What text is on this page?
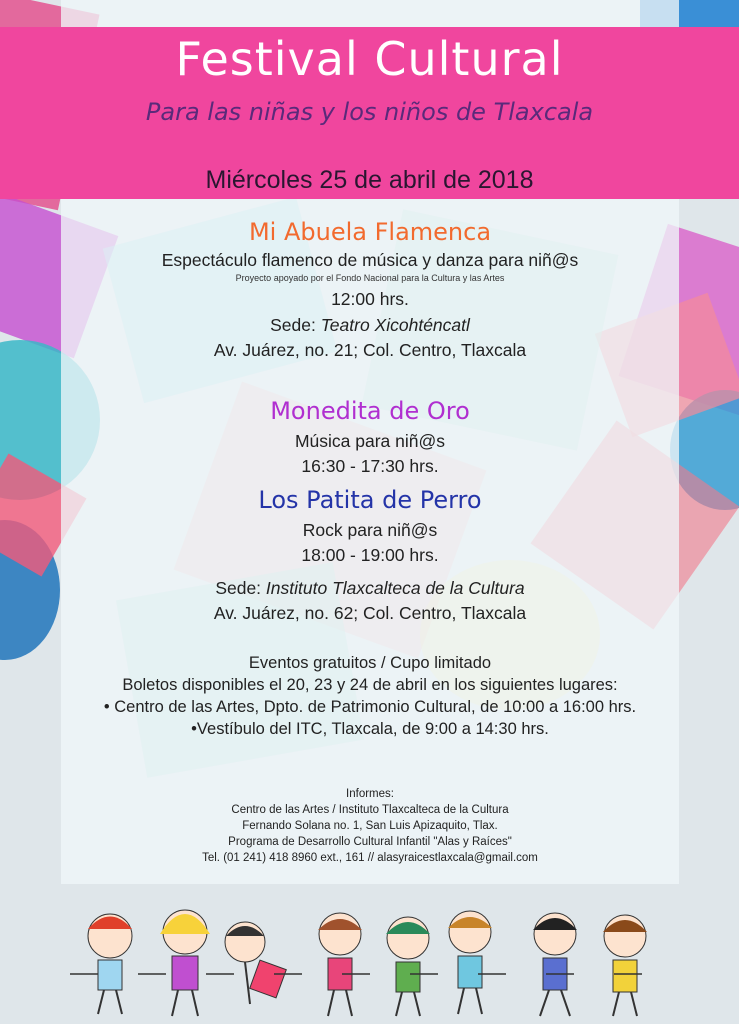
Festival Cultural
Para las niñas y los niños de Tlaxcala
Miércoles 25 de abril de 2018
Mi Abuela Flamenca
Espectáculo flamenco de música y danza para niñ@s
Proyecto apoyado por el Fondo Nacional para la Cultura y las Artes
12:00 hrs.
Sede: Teatro Xicohténcatl
Av. Juárez, no. 21; Col. Centro, Tlaxcala
Monedita de Oro
Música para niñ@s
16:30 - 17:30 hrs.
Los Patita de Perro
Rock para niñ@s
18:00 - 19:00 hrs.
Sede: Instituto Tlaxcalteca de la Cultura
Av. Juárez, no. 62; Col. Centro, Tlaxcala
Eventos gratuitos / Cupo limitado
Boletos disponibles el 20, 23 y 24 de abril en los siguientes lugares:
• Centro de las Artes, Dpto. de Patrimonio Cultural, de 10:00 a 16:00 hrs.
•Vestíbulo del ITC, Tlaxcala, de 9:00 a 14:30 hrs.
Informes:
Centro de las Artes / Instituto Tlaxcalteca de la Cultura
Fernando Solana no. 1, San Luis Apizaquito, Tlax.
Programa de Desarrollo Cultural Infantil "Alas y Raíces"
Tel. (01 241) 418 8960 ext., 161 // alasyraicestlaxcala@gmail.com
